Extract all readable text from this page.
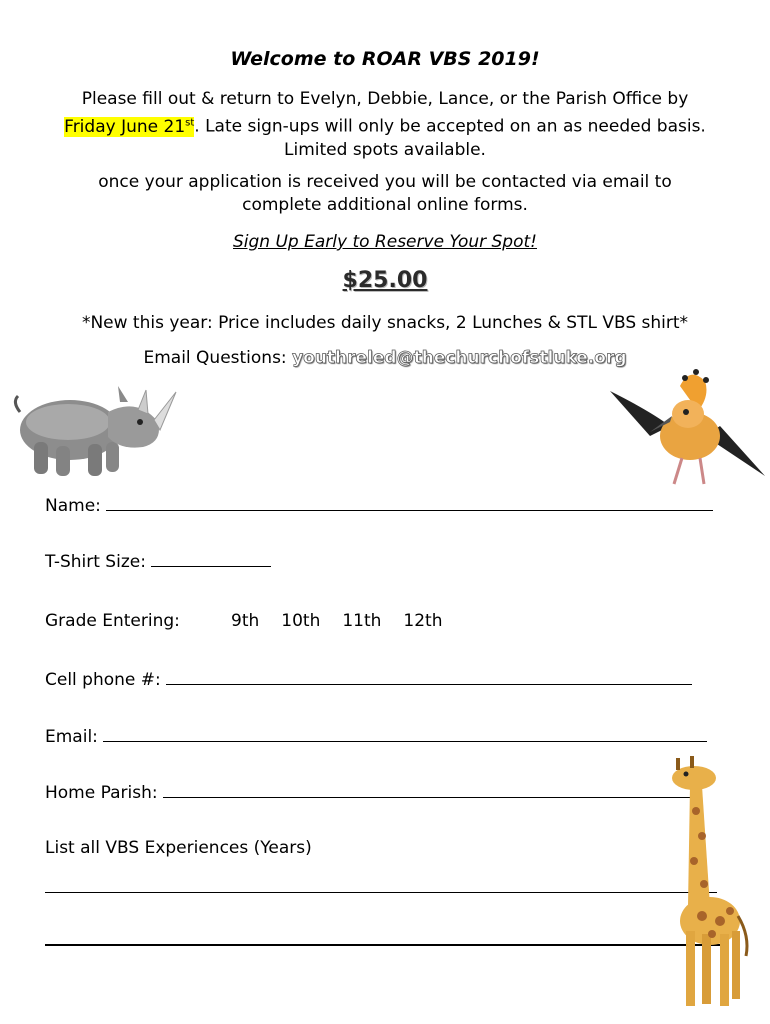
Welcome to ROAR VBS 2019!
Please fill out & return to Evelyn, Debbie, Lance, or the Parish Office by
Friday June 21st. Late sign-ups will only be accepted on an as needed basis.
Limited spots available.
once your application is received you will be contacted via email to
complete additional online forms.
Sign Up Early to Reserve Your Spot!
$25.00
*New this year: Price includes daily snacks, 2 Lunches & STL VBS shirt*
Email Questions: youthreled@thechurchofstluke.org
Name:
T-Shirt Size:
Grade Entering:	9th 10th 11th 12th
Cell phone #:
Email:
Home Parish:
List all VBS Experiences (Years)
